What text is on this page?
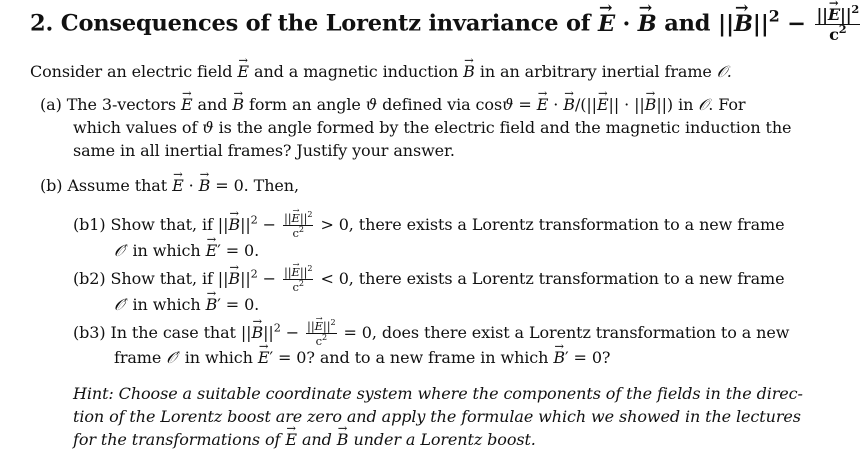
2. Consequences of the Lorentz invariance of → E · → B and ||→ $B||^2 - \frac{||\to E||^2}{c^2}$
Consider an electric field → E and a magnetic induction → B in an arbitrary inertial frame 𝒪.
(a) The 3-vectors → E and → B form an angle ϑ defined via cosϑ = → E · → B/(||→ E|| · ||→ B||) in 𝒪. For
which values of ϑ is the angle formed by the electric field and the magnetic induction the
same in all inertial frames? Justify your answer.
(b) Assume that → E · → B = 0. Then,
(b1) Show that, if ||→ $B||^2 - \frac{||\to E||^2}{c^2} > 0$, there exists a Lorentz transformation to a new frame
𝒪′ in which → E′ = 0.
(b2) Show that, if ||→ $B||^2 - \frac{||\to E||^2}{c^2} < 0$, there exists a Lorentz transformation to a new frame
𝒪′ in which → B′ = 0.
(b3) In the case that ||→ $B||^2 - \frac{||\to E||^2}{c^2} = 0$, does there exist a Lorentz transformation to a new
frame 𝒪′ in which → E′ = 0? and to a new frame in which → B′ = 0?
Hint: Choose a suitable coordinate system where the components of the fields in the direc-
tion of the Lorentz boost are zero and apply the formulae which we showed in the lectures
for the transformations of → E and → B under a Lorentz boost.
